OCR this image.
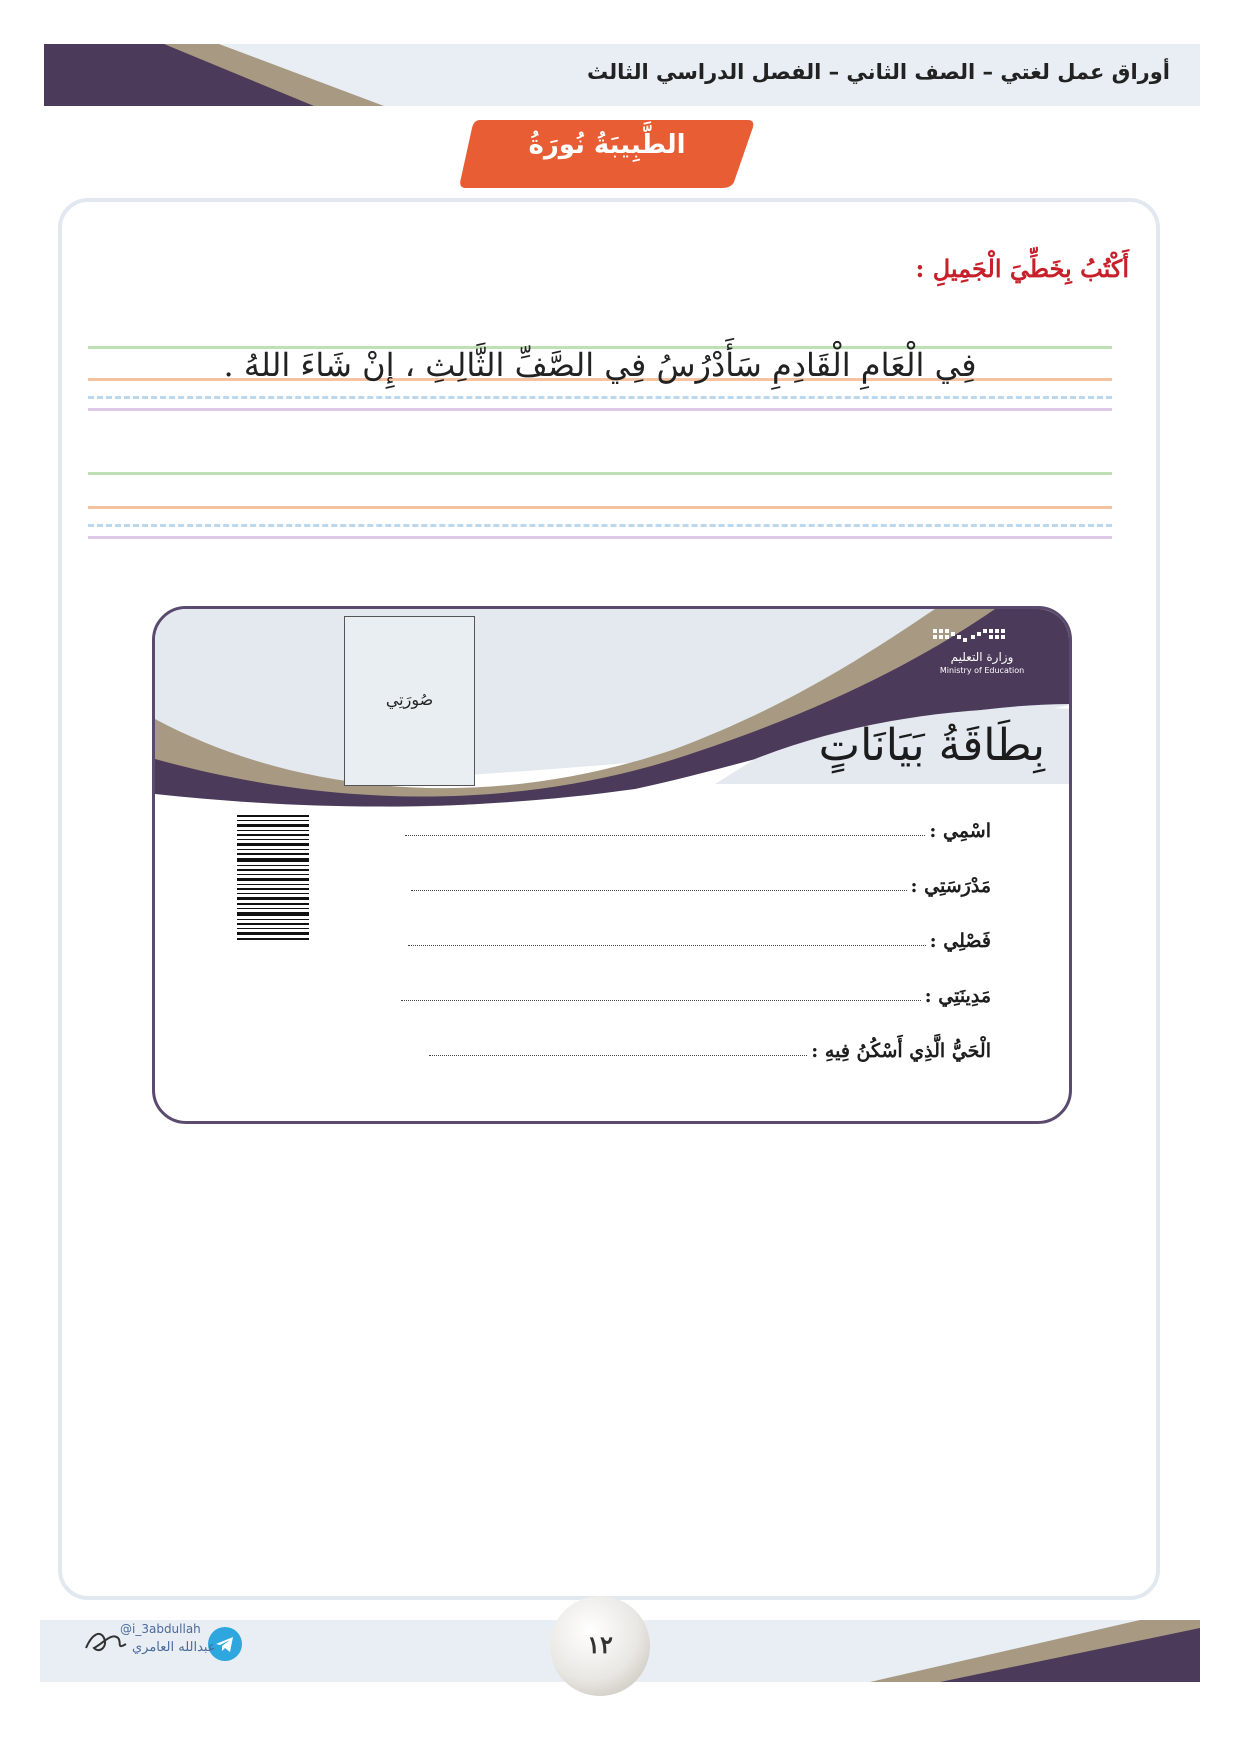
أوراق عمل لغتي – الصف الثاني – الفصل الدراسي الثالث
الطَّبِيبَةُ نُورَةُ
أَكْتُبُ بِخَطِّيَ الْجَمِيلِ :
فِي الْعَامِ الْقَادِمِ سَأَدْرُسُ فِي الصَّفِّ الثَّالِثِ ، إِنْ شَاءَ اللهُ .
وزارة التعليم
Ministry of Education
صُورَتِي
بِطَاقَةُ بَيَانَاتٍ
اسْمِي :
مَدْرَسَتِي :
فَصْلِي :
مَدِينَتِي :
الْحَيُّ الَّذِي أَسْكُنُ فِيهِ :
١٢
@i_3abdullah
عبدالله العامري
